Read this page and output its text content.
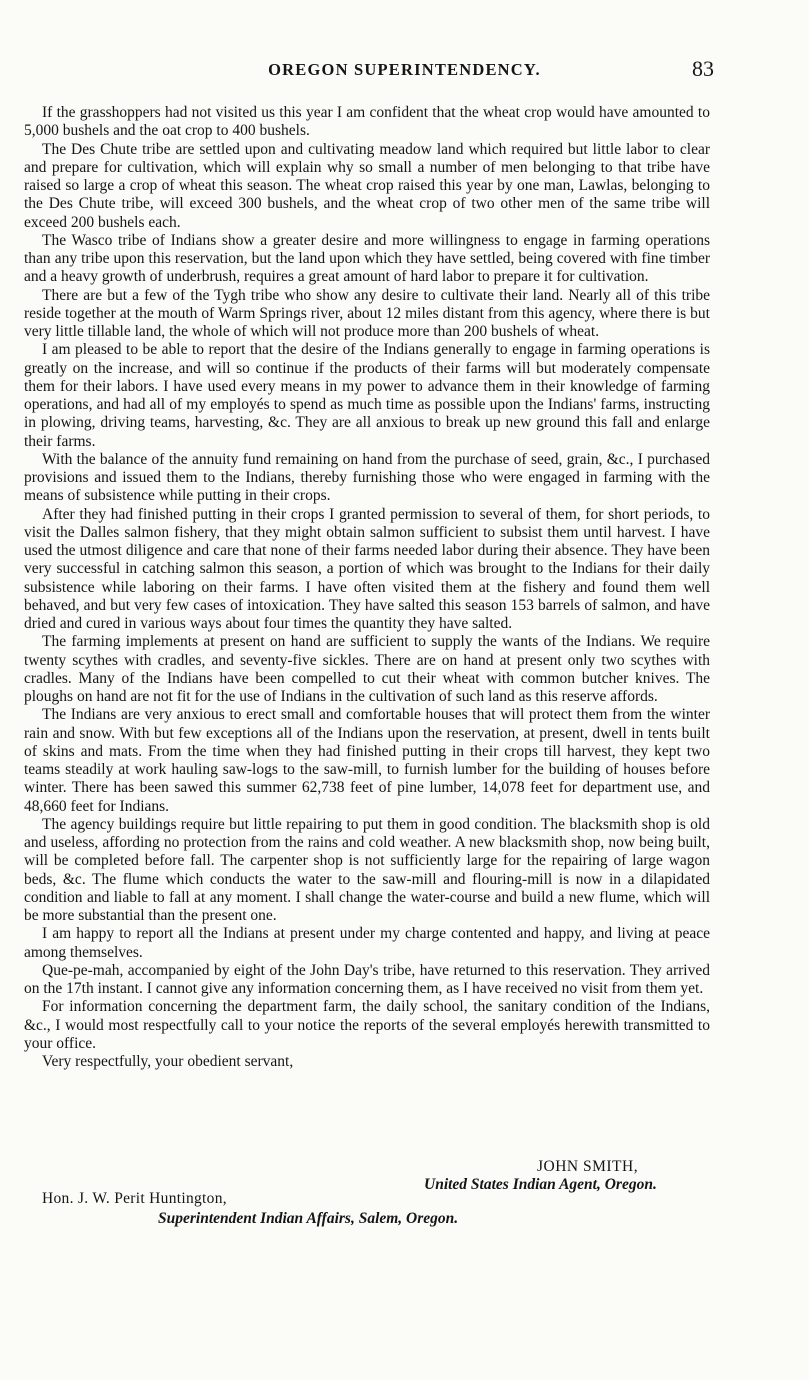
OREGON SUPERINTENDENCY.	83

If the grasshoppers had not visited us this year I am confident that the wheat crop would have amounted to 5,000 bushels and the oat crop to 400 bushels.

The Des Chute tribe are settled upon and cultivating meadow land which required but little labor to clear and prepare for cultivation, which will explain why so small a number of men belonging to that tribe have raised so large a crop of wheat this season. The wheat crop raised this year by one man, Lawlas, belonging to the Des Chute tribe, will exceed 300 bushels, and the wheat crop of two other men of the same tribe will exceed 200 bushels each.

The Wasco tribe of Indians show a greater desire and more willingness to engage in farming operations than any tribe upon this reservation, but the land upon which they have settled, being covered with fine timber and a heavy growth of underbrush, requires a great amount of hard labor to prepare it for cultivation.

There are but a few of the Tygh tribe who show any desire to cultivate their land. Nearly all of this tribe reside together at the mouth of Warm Springs river, about 12 miles distant from this agency, where there is but very little tillable land, the whole of which will not produce more than 200 bushels of wheat.

I am pleased to be able to report that the desire of the Indians generally to engage in farming operations is greatly on the increase, and will so continue if the products of their farms will but moderately compensate them for their labors. I have used every means in my power to advance them in their knowledge of farming operations, and had all of my employés to spend as much time as possible upon the Indians' farms, instructing in plowing, driving teams, harvesting, &c. They are all anxious to break up new ground this fall and enlarge their farms.

With the balance of the annuity fund remaining on hand from the purchase of seed, grain, &c., I purchased provisions and issued them to the Indians, thereby furnishing those who were engaged in farming with the means of subsistence while putting in their crops.

After they had finished putting in their crops I granted permission to several of them, for short periods, to visit the Dalles salmon fishery, that they might obtain salmon sufficient to subsist them until harvest. I have used the utmost diligence and care that none of their farms needed labor during their absence. They have been very successful in catching salmon this season, a portion of which was brought to the Indians for their daily subsistence while laboring on their farms. I have often visited them at the fishery and found them well behaved, and but very few cases of intoxication. They have salted this season 153 barrels of salmon, and have dried and cured in various ways about four times the quantity they have salted.

The farming implements at present on hand are sufficient to supply the wants of the Indians. We require twenty scythes with cradles, and seventy-five sickles. There are on hand at present only two scythes with cradles. Many of the Indians have been compelled to cut their wheat with common butcher knives. The ploughs on hand are not fit for the use of Indians in the cultivation of such land as this reserve affords.

The Indians are very anxious to erect small and comfortable houses that will protect them from the winter rain and snow. With but few exceptions all of the Indians upon the reservation, at present, dwell in tents built of skins and mats. From the time when they had finished putting in their crops till harvest, they kept two teams steadily at work hauling saw-logs to the saw-mill, to furnish lumber for the building of houses before winter. There has been sawed this summer 62,738 feet of pine lumber, 14,078 feet for department use, and 48,660 feet for Indians.

The agency buildings require but little repairing to put them in good condition. The blacksmith shop is old and useless, affording no protection from the rains and cold weather. A new blacksmith shop, now being built, will be completed before fall. The carpenter shop is not sufficiently large for the repairing of large wagon beds, &c. The flume which conducts the water to the saw-mill and flouring-mill is now in a dilapidated condition and liable to fall at any moment. I shall change the water-course and build a new flume, which will be more substantial than the present one.

I am happy to report all the Indians at present under my charge contented and happy, and living at peace among themselves.

Que-pe-mah, accompanied by eight of the John Day's tribe, have returned to this reservation. They arrived on the 17th instant. I cannot give any information concerning them, as I have received no visit from them yet.

For information concerning the department farm, the daily school, the sanitary condition of the Indians, &c., I would most respectfully call to your notice the reports of the several employés herewith transmitted to your office.

Very respectfully, your obedient servant,

JOHN SMITH,
United States Indian Agent, Oregon.
Hon. J. W. Perit Huntington,
Superintendent Indian Affairs, Salem, Oregon.
